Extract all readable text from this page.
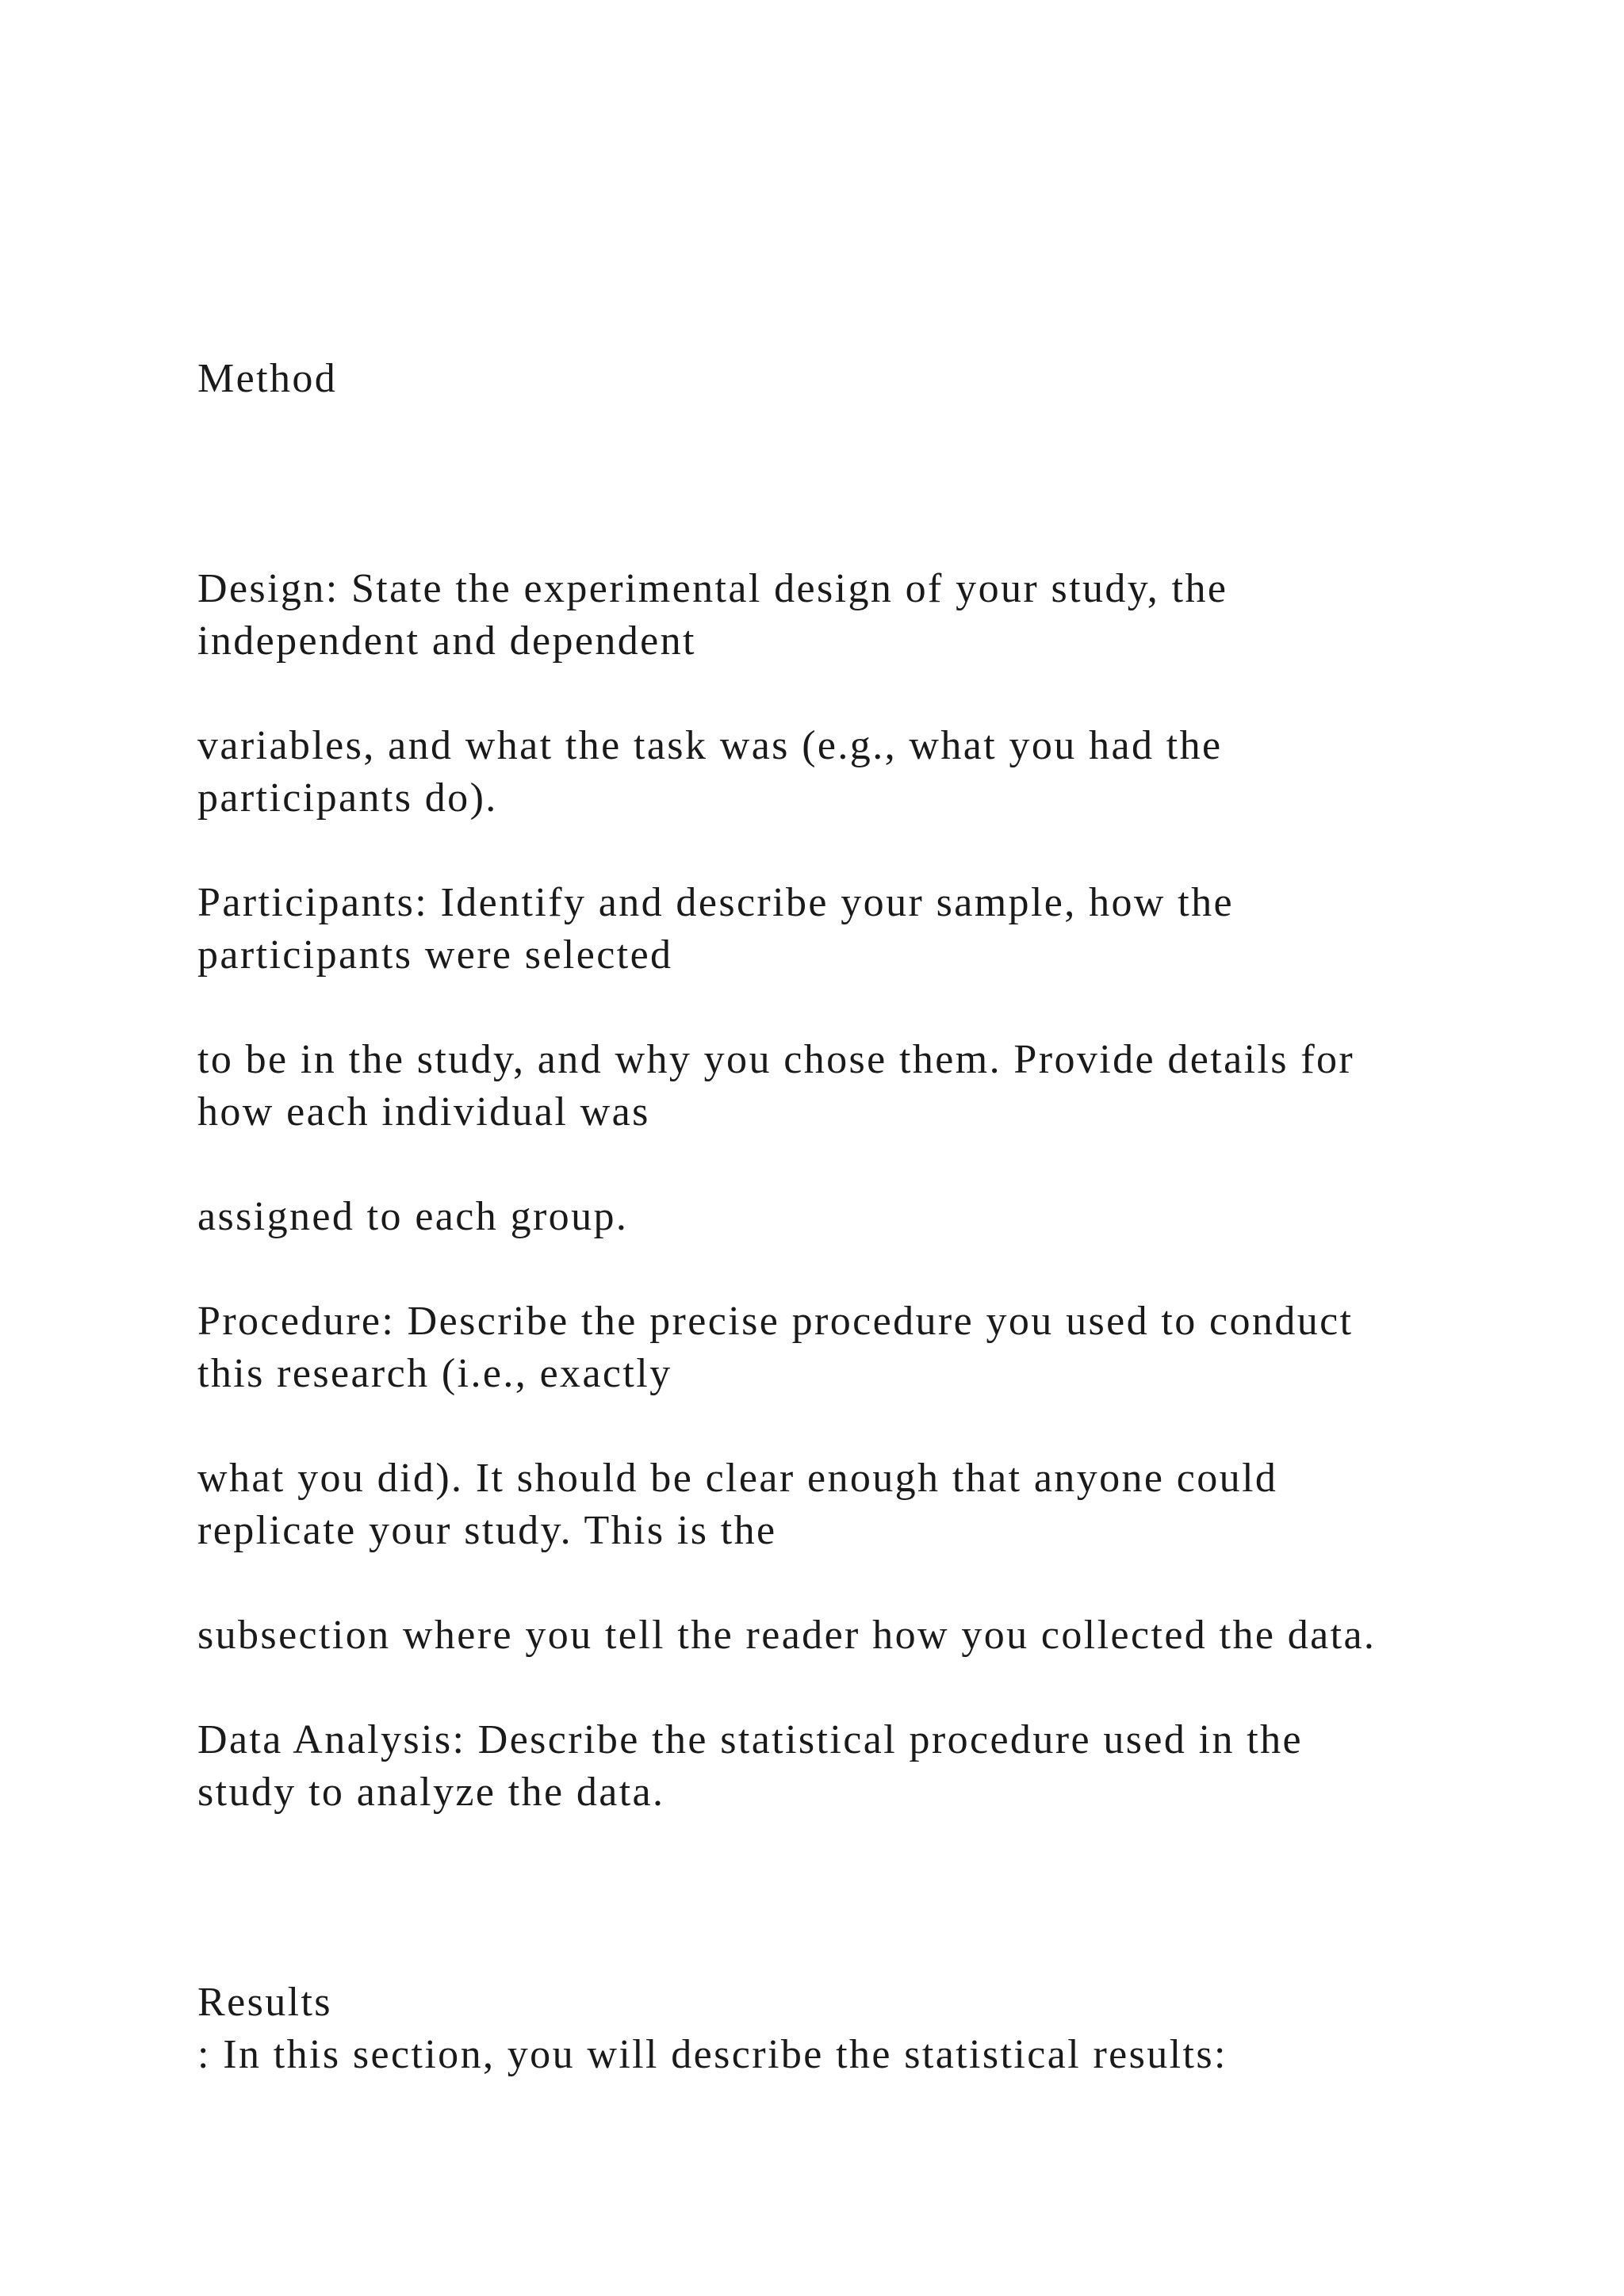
Method

Design: State the experimental design of your study, the

independent and dependent

variables, and what the task was (e.g., what you had the

participants do).

Participants: Identify and describe your sample, how the

participants were selected

to be in the study, and why you chose them. Provide details for

how each individual was

assigned to each group.

Procedure: Describe the precise procedure you used to conduct

this research (i.e., exactly

what you did). It should be clear enough that anyone could

replicate your study. This is the

subsection where you tell the reader how you collected the data.

Data Analysis: Describe the statistical procedure used in the

study to analyze the data.

Results

: In this section, you will describe the statistical results:
